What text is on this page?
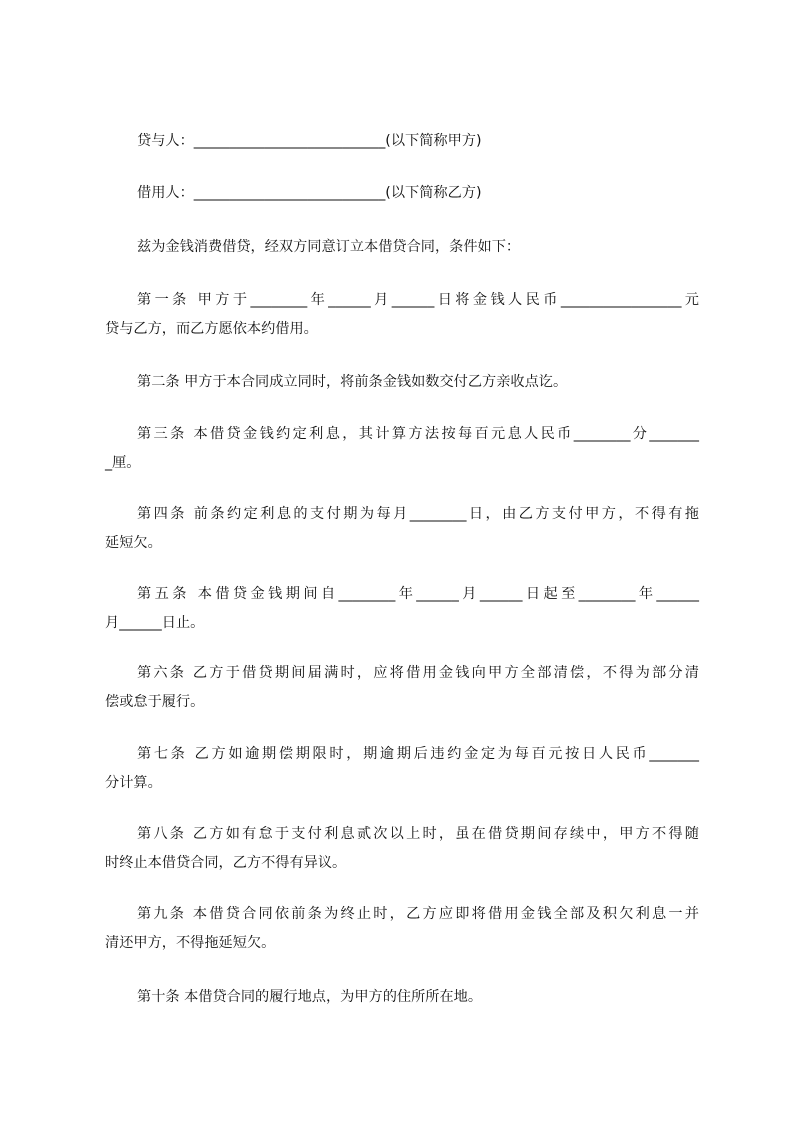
贷与人：___________________________(以下简称甲方)

借用人：___________________________(以下简称乙方)

兹为金钱消费借贷，经双方同意订立本借贷合同，条件如下：

第一条 甲方于________年______月______日将金钱人民币_________________元

贷与乙方，而乙方愿依本约借用。

第二条 甲方于本合同成立同时，将前条金钱如数交付乙方亲收点讫。

第三条 本借贷金钱约定利息，其计算方法按每百元息人民币________分_______

_厘。

第四条 前条约定利息的支付期为每月________日，由乙方支付甲方，不得有拖

延短欠。

第五条 本借贷金钱期间自________年______月______日起至________年______

月______日止。

第六条 乙方于借贷期间届满时，应将借用金钱向甲方全部清偿，不得为部分清

偿或怠于履行。

第七条 乙方如逾期偿期限时，期逾期后违约金定为每百元按日人民币_______

分计算。

第八条 乙方如有怠于支付利息贰次以上时，虽在借贷期间存续中，甲方不得随

时终止本借贷合同，乙方不得有异议。

第九条 本借贷合同依前条为终止时，乙方应即将借用金钱全部及积欠利息一并

清还甲方，不得拖延短欠。

第十条 本借贷合同的履行地点，为甲方的住所所在地。
